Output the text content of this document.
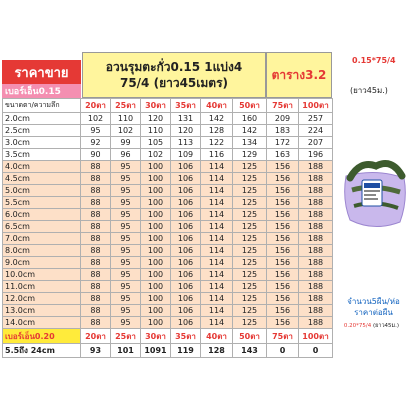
ราคาขาย
เบอร์เอ็น0.15
อวนรุมตะกั่ว0.15 1แบ่ง4
75/4 (ยาว45เมตร)
ตาราง3.2
0.15*75/4
(ยาว45ม.)
ขนาดตา/ความลึก	20ตา	25ตา	30ตา	35ตา	40ตา	50ตา	75ตา	100ตา
2.0cm	102	110	120	131	142	160	209	257
2.5cm	95	102	110	120	128	142	183	224
3.0cm	92	99	105	113	122	134	172	207
3.5cm	90	96	102	109	116	129	163	196
4.0cm	88	95	100	106	114	125	156	188
4.5cm	88	95	100	106	114	125	156	188
5.0cm	88	95	100	106	114	125	156	188
5.5cm	88	95	100	106	114	125	156	188
6.0cm	88	95	100	106	114	125	156	188
6.5cm	88	95	100	106	114	125	156	188
7.0cm	88	95	100	106	114	125	156	188
8.0cm	88	95	100	106	114	125	156	188
9.0cm	88	95	100	106	114	125	156	188
10.0cm	88	95	100	106	114	125	156	188
11.0cm	88	95	100	106	114	125	156	188
12.0cm	88	95	100	106	114	125	156	188
13.0cm	88	95	100	106	114	125	156	188
14.0cm	88	95	100	106	114	125	156	188
เบอร์เอ็น0.20	20ตา	25ตา	30ตา	35ตา	40ตา	50ตา	75ตา	100ตา
5.5ถึง 24cm	93	101	1091	119	128	143	0	0
จำนวน5ผืน/ห่อ
ราคาต่อผืน
0.20*75/4 (ยาว45ม.)
